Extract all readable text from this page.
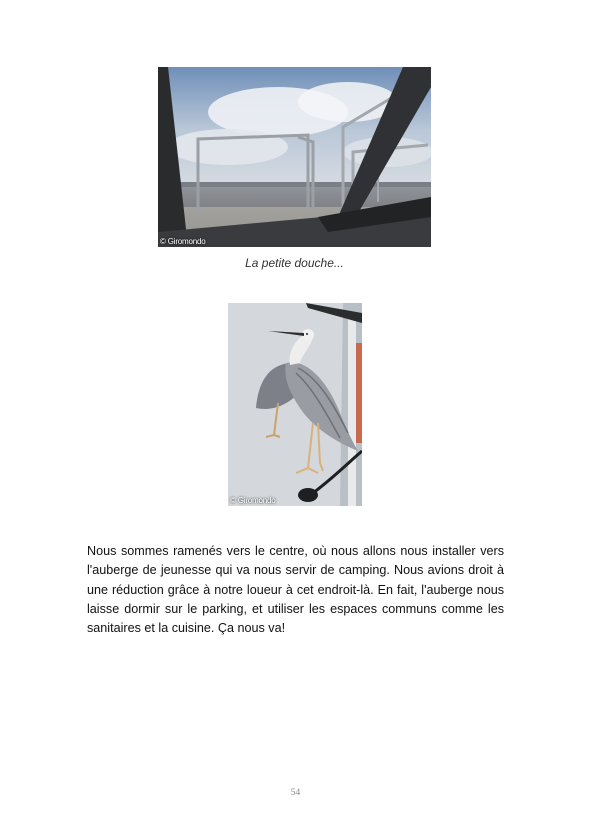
© Giromondo
La petite douche...
© Giromondo

Nous sommes ramenés vers le centre, où nous allons nous installer vers l'auberge de jeunesse qui va nous servir de camping. Nous avions droit à une réduction grâce à notre loueur à cet endroit-là. En fait, l'auberge nous laisse dormir sur le parking, et utiliser les espaces communs comme les sanitaires et la cuisine. Ça nous va!

54
